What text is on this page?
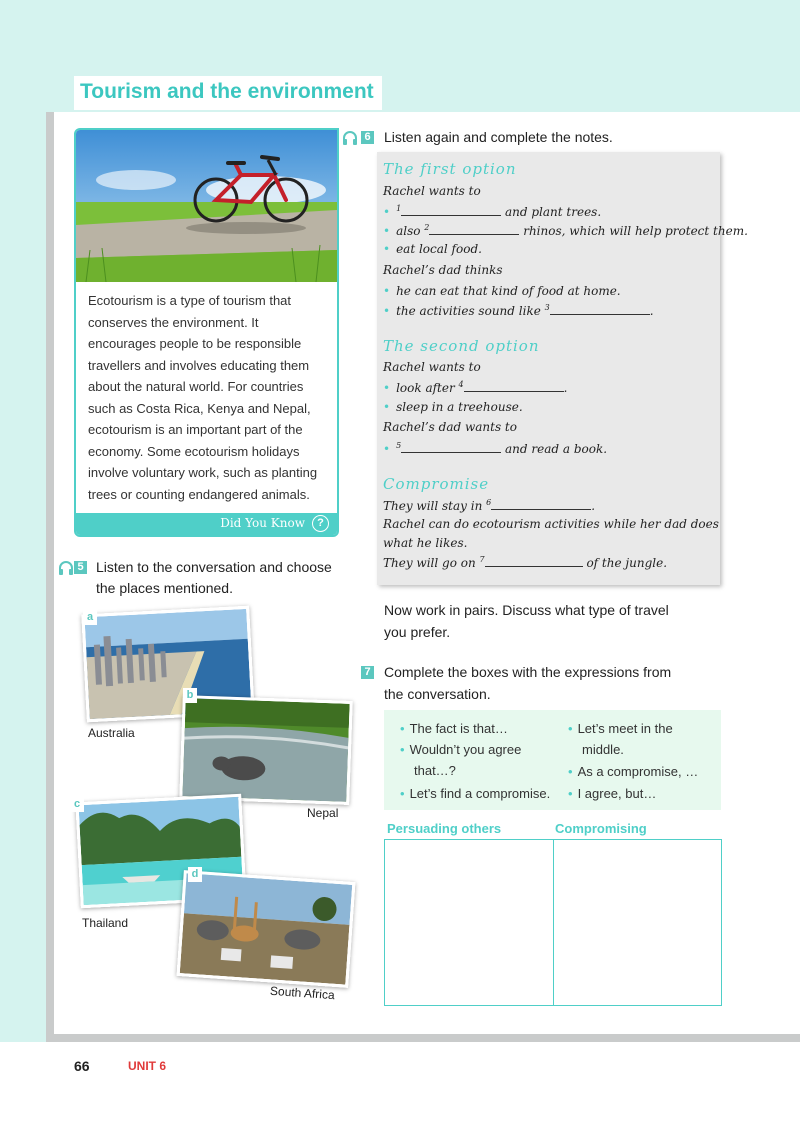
Tourism and the environment
Ecotourism is a type of tourism that conserves the environment. It encourages people to be responsible travellers and involves educating them about the natural world. For countries such as Costa Rica, Kenya and Nepal, ecotourism is an important part of the economy. Some ecotourism holidays involve voluntary work, such as planting trees or counting endangered animals.
Did You Know	?
5 Listen to the conversation and choose the places mentioned.
a
Australia
b
Nepal
c
Thailand
d
South Africa
6 Listen again and complete the notes.
The first option
Rachel wants to
• $^1$	and plant trees.
• also $^2$	rhinos, which will help protect them.
• eat local food.
Rachel’s dad thinks
• he can eat that kind of food at home.
• the activities sound like $^3$	.
The second option
Rachel wants to
• look after $^4$	.
• sleep in a treehouse.
Rachel’s dad wants to
• $^5$	and read a book.
Compromise
They will stay in $^6$	.
Rachel can do ecotourism activities while her dad does
what he likes.
They will go on $^7$	of the jungle.
Now work in pairs. Discuss what type of travel
you prefer.
7 Complete the boxes with the expressions from
the conversation.
• The fact is that…
• Wouldn’t you agree
that…?
• Let’s find a compromise.
• Let’s meet in the
middle.
• As a compromise, …
• I agree, but…
Persuading others	Compromising
66	UNIT 6
